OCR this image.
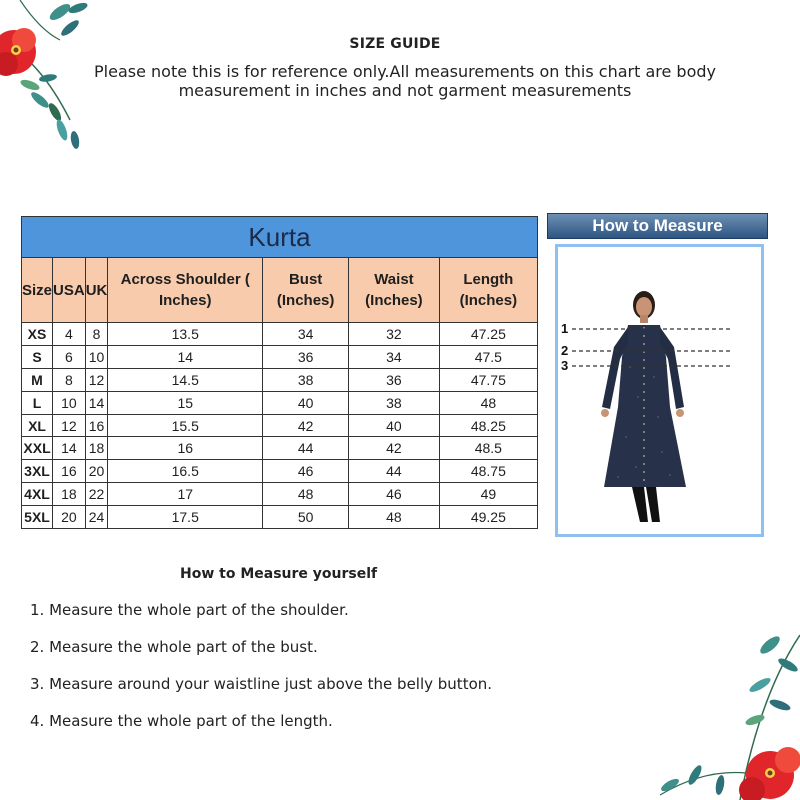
SIZE GUIDE
Please note this is for reference only.All measurements on this chart are body
measurement in inches and not garment measurements
Kurta						
Size	USA	UK	Across Shoulder ( Inches)	Bust (Inches)	Waist (Inches)	Length (Inches)
XS	4	8	13.5	34	32	47.25
S	6	10	14	36	34	47.5
M	8	12	14.5	38	36	47.75
L	10	14	15	40	38	48
XL	12	16	15.5	42	40	48.25
XXL	14	18	16	44	42	48.5
3XL	16	20	16.5	46	44	48.75
4XL	18	22	17	48	46	49
5XL	20	24	17.5	50	48	49.25
How to Measure
1
2
3
How to Measure yourself
1. Measure the whole part of the shoulder.
2. Measure the whole part of the bust.
3. Measure around your waistline just above the belly button.
4. Measure the whole part of the length.
